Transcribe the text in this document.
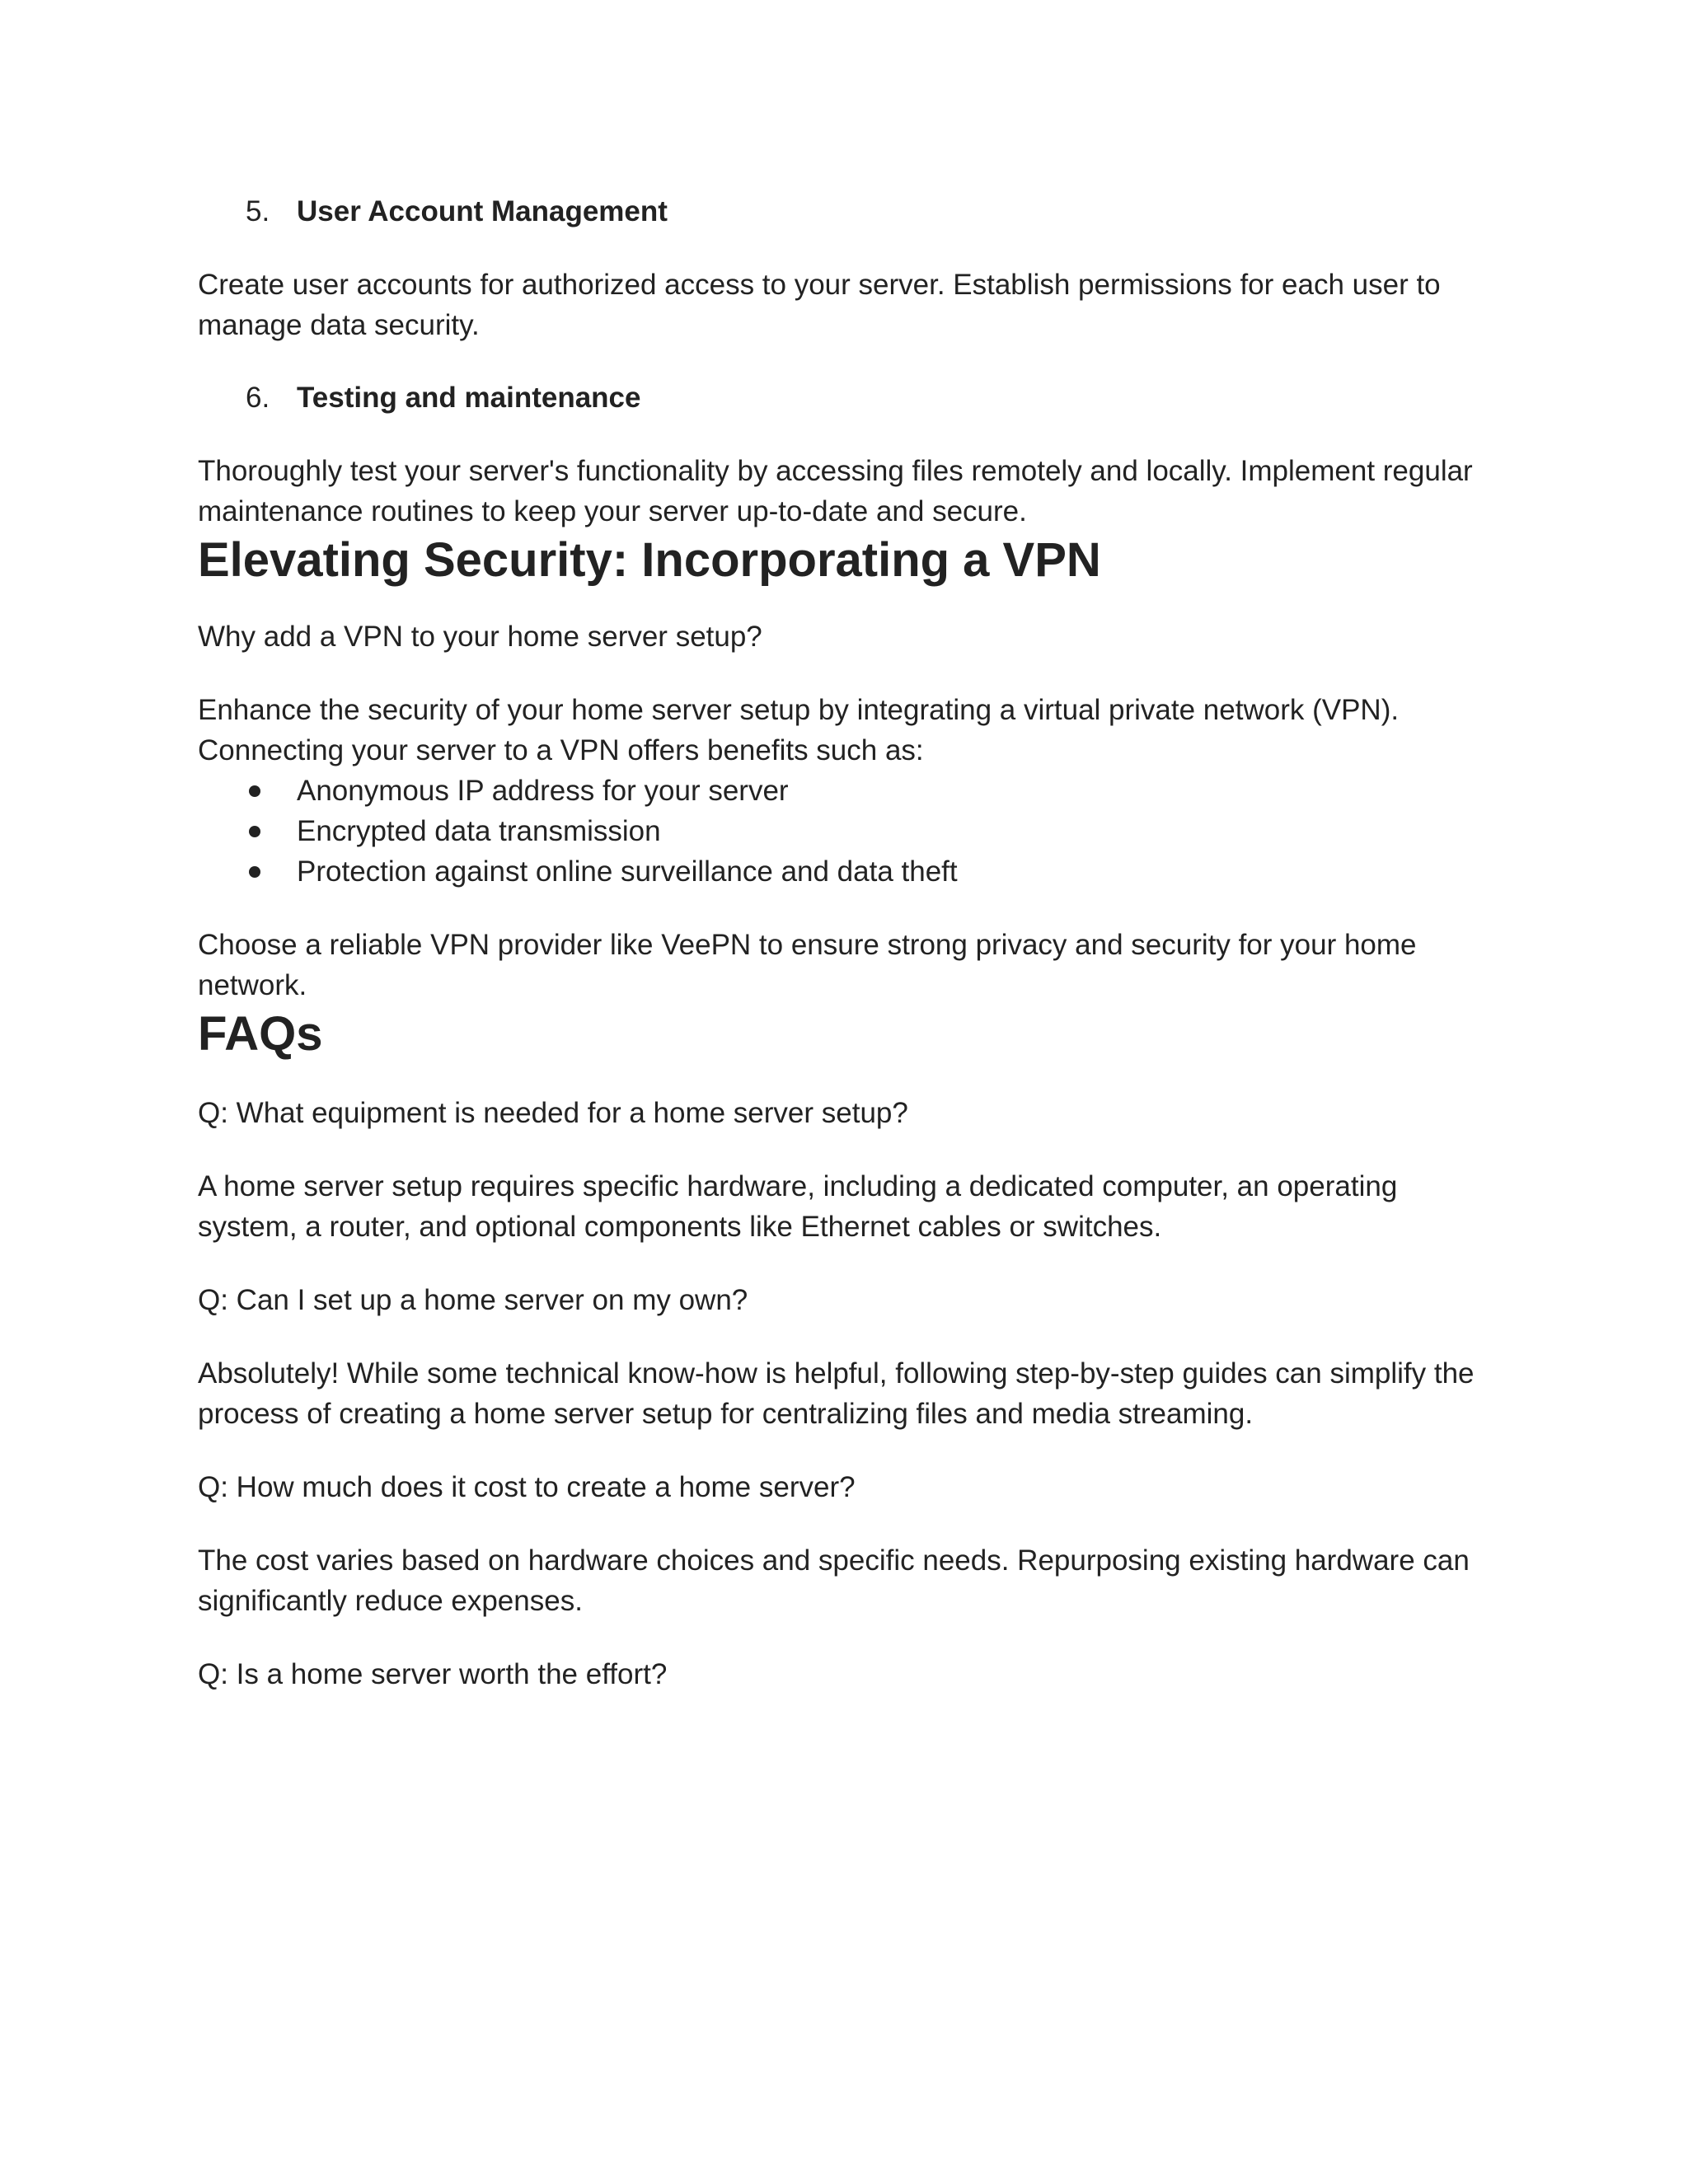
5. User Account Management

Create user accounts for authorized access to your server. Establish permissions for each user to manage data security.

6. Testing and maintenance

Thoroughly test your server's functionality by accessing files remotely and locally. Implement regular maintenance routines to keep your server up-to-date and secure.

Elevating Security: Incorporating a VPN

Why add a VPN to your home server setup?

Enhance the security of your home server setup by integrating a virtual private network (VPN). Connecting your server to a VPN offers benefits such as:

Anonymous IP address for your server
Encrypted data transmission
Protection against online surveillance and data theft

Choose a reliable VPN provider like VeePN to ensure strong privacy and security for your home network.

FAQs

Q: What equipment is needed for a home server setup?

A home server setup requires specific hardware, including a dedicated computer, an operating system, a router, and optional components like Ethernet cables or switches.

Q: Can I set up a home server on my own?

Absolutely! While some technical know-how is helpful, following step-by-step guides can simplify the process of creating a home server setup for centralizing files and media streaming.

Q: How much does it cost to create a home server?

The cost varies based on hardware choices and specific needs. Repurposing existing hardware can significantly reduce expenses.

Q: Is a home server worth the effort?
